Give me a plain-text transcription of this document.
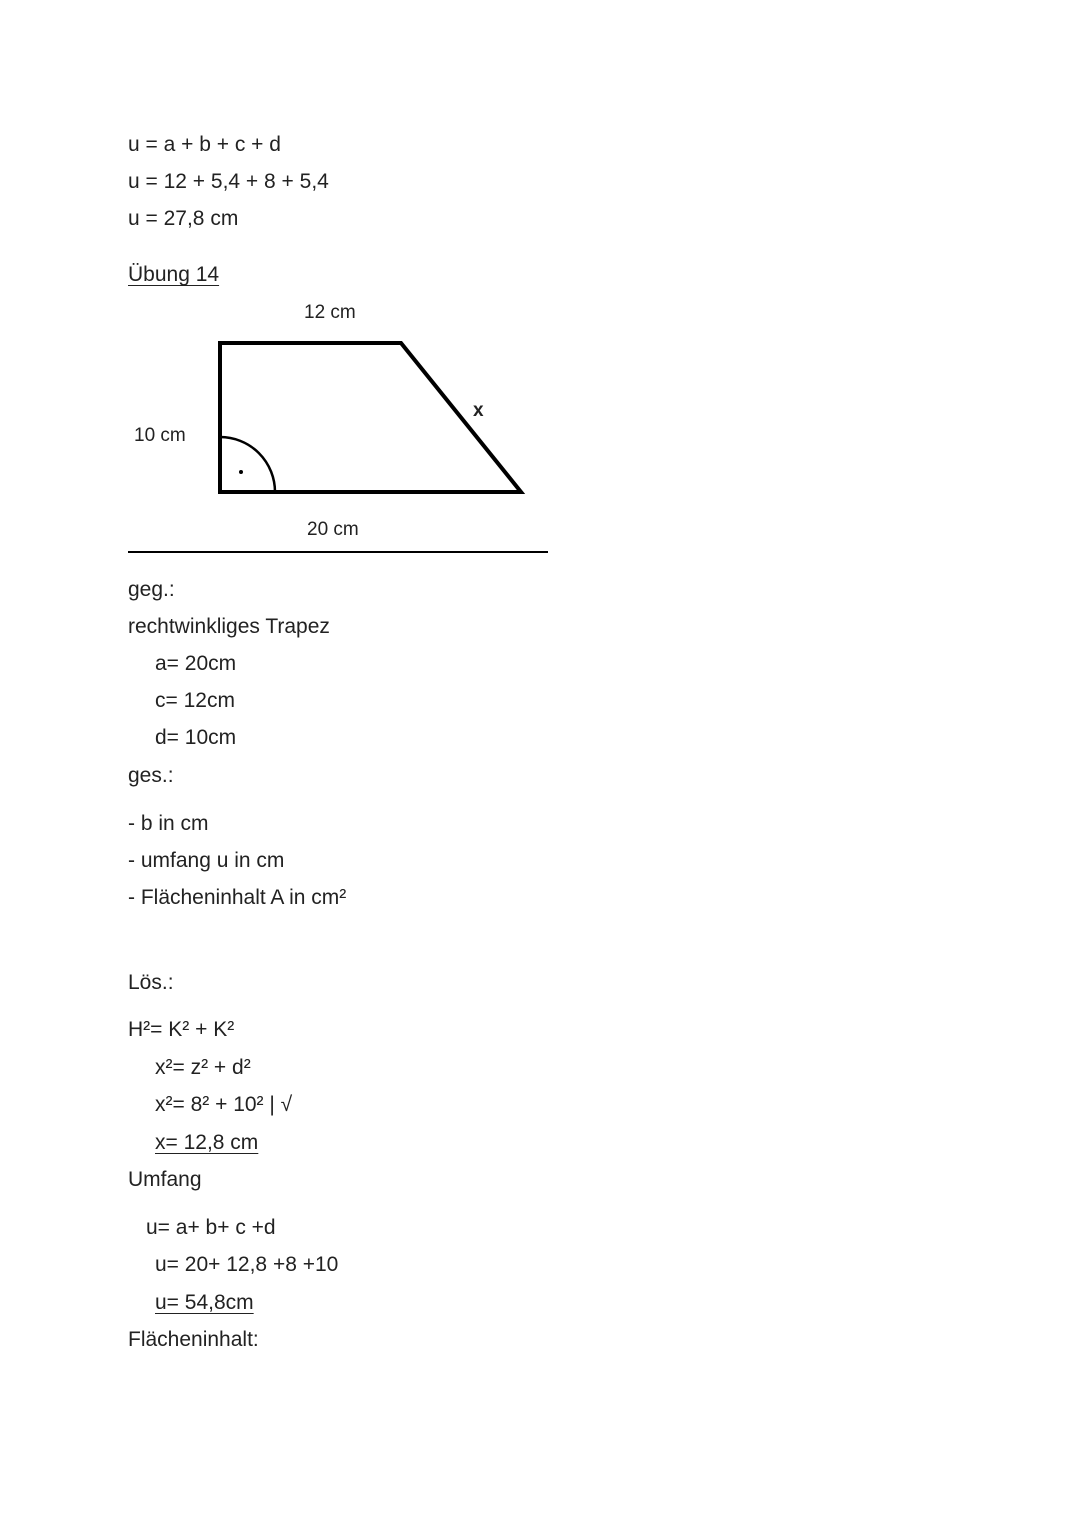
u = a + b + c + d

u = 12 + 5,4 + 8 + 5,4

u = 27,8 cm

Übung 14

12 cm
10 cm
20 cm
x

geg.:

rechtwinkliges Trapez

a= 20cm

c= 12cm

d= 10cm

ges.:

- b in cm

- umfang u in cm

- Flächeninhalt A in cm²

Lös.:

H²= K² + K²

x²= z² + d²

x²= 8² + 10² | √

x= 12,8 cm

Umfang

u= a+ b+ c +d

u= 20+ 12,8 +8 +10

u= 54,8cm

Flächeninhalt:
